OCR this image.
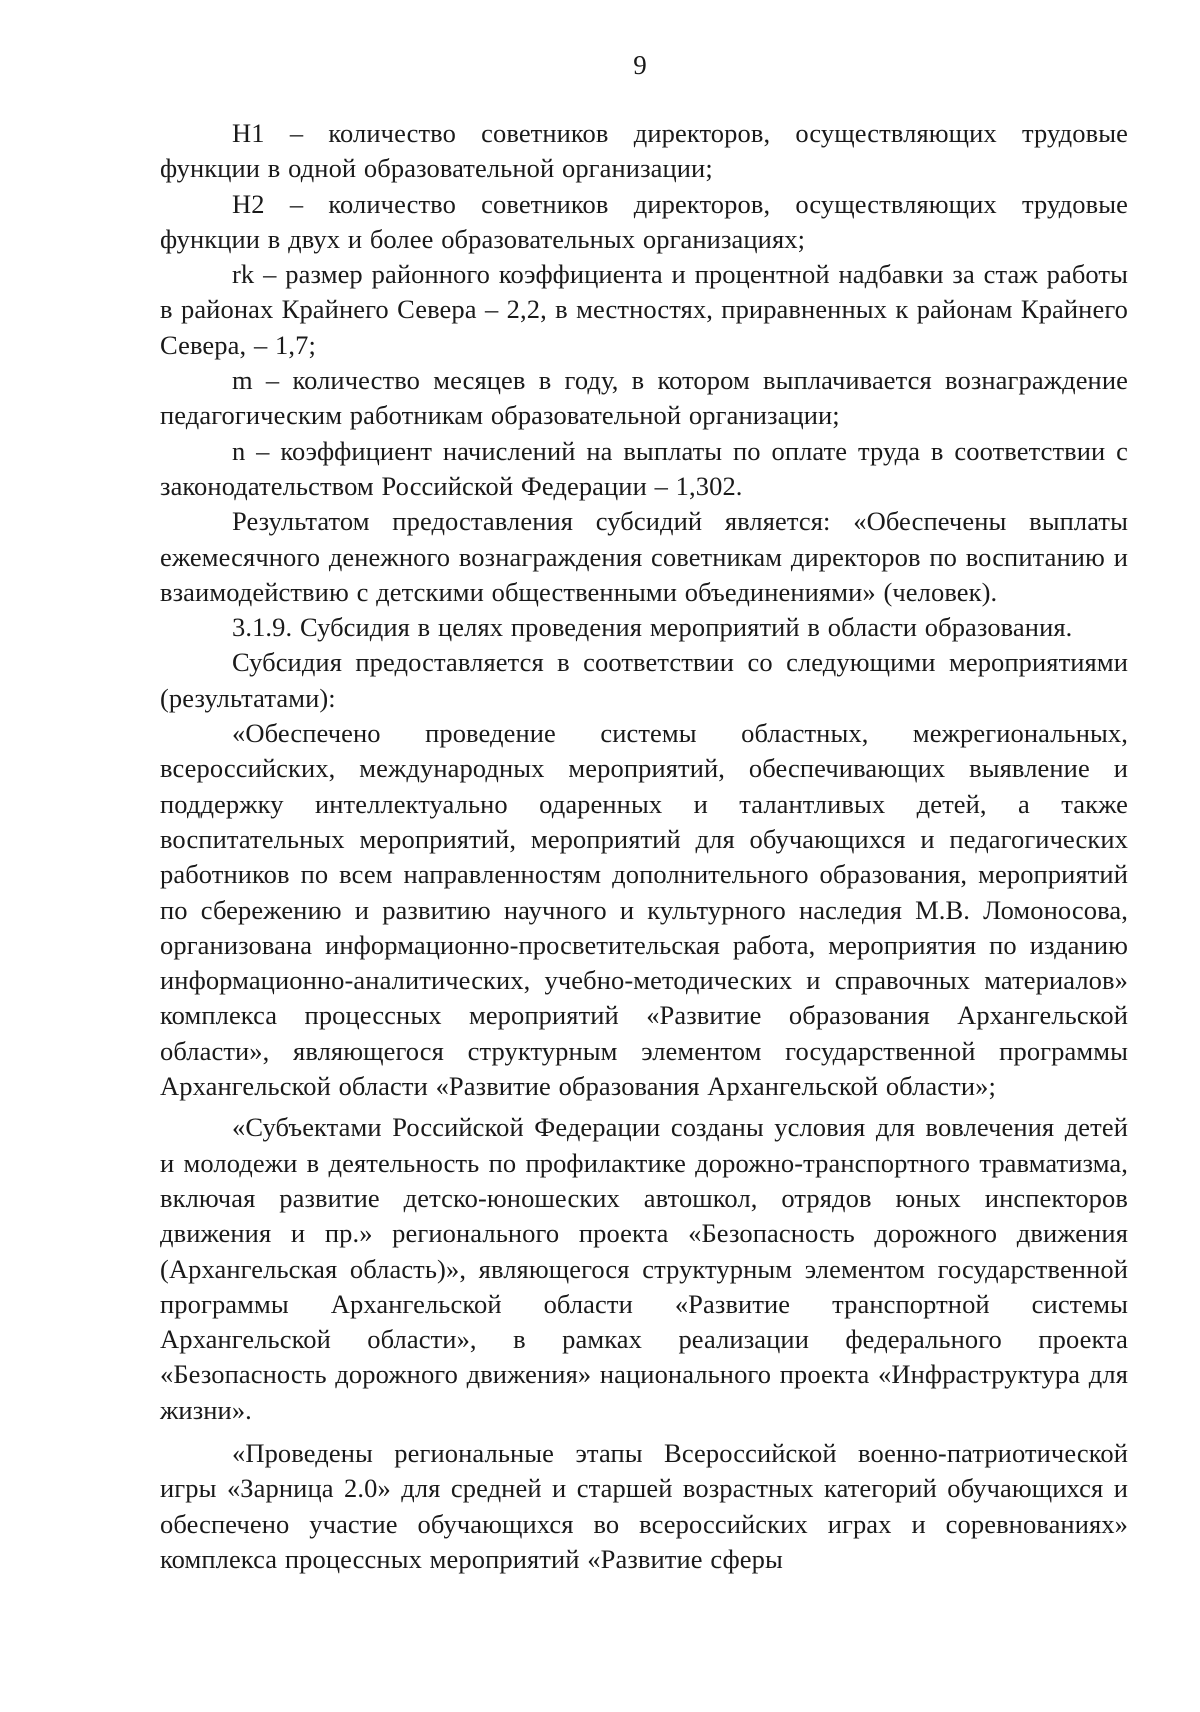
9

Н1 – количество советников директоров, осуществляющих трудовые функции в одной образовательной организации;

Н2 – количество советников директоров, осуществляющих трудовые функции в двух и более образовательных организациях;

rk – размер районного коэффициента и процентной надбавки за стаж работы в районах Крайнего Севера – 2,2, в местностях, приравненных к районам Крайнего Севера, – 1,7;

m – количество месяцев в году, в котором выплачивается вознаграждение педагогическим работникам образовательной организации;

n – коэффициент начислений на выплаты по оплате труда в соответствии с законодательством Российской Федерации – 1,302.

Результатом предоставления субсидий является: «Обеспечены выплаты ежемесячного денежного вознаграждения советникам директоров по воспитанию и взаимодействию с детскими общественными объединениями» (человек).

3.1.9. Субсидия в целях проведения мероприятий в области образования.

Субсидия предоставляется в соответствии со следующими мероприятиями (результатами):

«Обеспечено проведение системы областных, межрегиональных, всероссийских, международных мероприятий, обеспечивающих выявление и поддержку интеллектуально одаренных и талантливых детей, а также воспитательных мероприятий, мероприятий для обучающихся и педагогических работников по всем направленностям дополнительного образования, мероприятий по сбережению и развитию научного и культурного наследия М.В. Ломоносова, организована информационно-просветительская работа, мероприятия по изданию информационно-аналитических, учебно-методических и справочных материалов» комплекса процессных мероприятий «Развитие образования Архангельской области», являющегося структурным элементом государственной программы Архангельской области «Развитие образования Архангельской области»;

«Субъектами Российской Федерации созданы условия для вовлечения детей и молодежи в деятельность по профилактике дорожно-транспортного травматизма, включая развитие детско-юношеских автошкол, отрядов юных инспекторов движения и пр.» регионального проекта «Безопасность дорожного движения (Архангельская область)», являющегося структурным элементом государственной программы Архангельской области «Развитие транспортной системы Архангельской области», в рамках реализации федерального проекта «Безопасность дорожного движения» национального проекта «Инфраструктура для жизни».

«Проведены региональные этапы Всероссийской военно-патриотической игры «Зарница 2.0» для средней и старшей возрастных категорий обучающихся и обеспечено участие обучающихся во всероссийских играх и соревнованиях» комплекса процессных мероприятий «Развитие сферы
